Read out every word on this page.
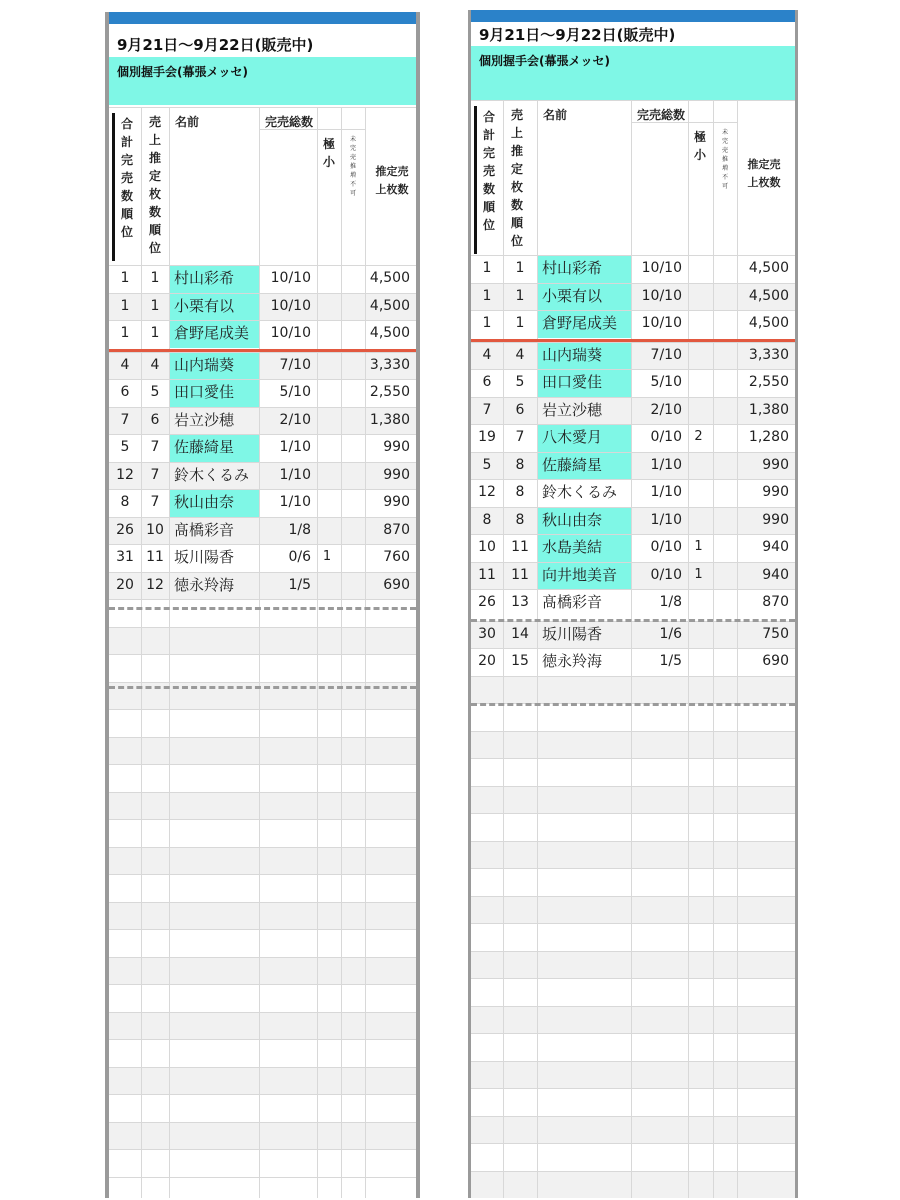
9月21日〜9月22日(販売中)
個別握手会(幕張メッセ)
合計完売数順位
売上推定枚数順位
名前	完売総数
極小
未完売推増不可
推定売上枚数
1	1 村山彩希	10/10	4,500
1	1 小栗有以	10/10	4,500
1	1 倉野尾成美	10/10	4,500
4	4 山内瑞葵	7/10	3,330
6	5 田口愛佳	5/10	2,550
7	6 岩立沙穂	2/10	1,380
5	7 佐藤綺星	1/10	990
12	7 鈴木くるみ	1/10	990
8	7 秋山由奈	1/10	990
26 10 髙橋彩音	1/8	870
31 11 坂川陽香	0/6 1	760
20 12 徳永羚海	1/5	690
9月21日〜9月22日(販売中)
個別握手会(幕張メッセ)
合計完売数順位
売上推定枚数順位
名前	完売総数
極小
未完売推増不可
推定売上枚数
1	1	村山彩希	10/10	4,500
1	1	小栗有以	10/10	4,500
1	1	倉野尾成美	10/10	4,500
4	4	山内瑞葵	7/10	3,330
6	5	田口愛佳	5/10	2,550
7	6	岩立沙穂	2/10	1,380
19	7	八木愛月	0/10 2	1,280
5	8	佐藤綺星	1/10	990
12	8	鈴木くるみ	1/10	990
8	8	秋山由奈	1/10	990
10	11 水島美結	0/10 1	940
11	11 向井地美音	0/10 1	940
26	13 髙橋彩音	1/8	870
30	14 坂川陽香	1/6	750
20	15 徳永羚海	1/5	690
